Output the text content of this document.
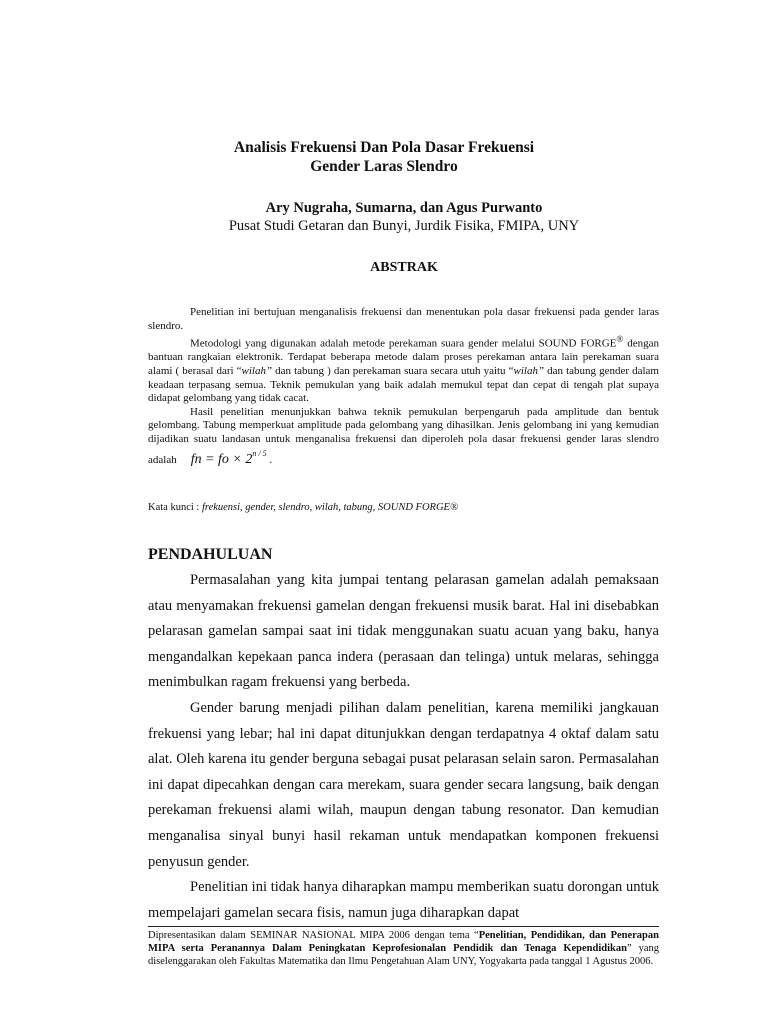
Analisis Frekuensi Dan Pola Dasar Frekuensi
Gender Laras Slendro
Ary Nugraha, Sumarna, dan Agus Purwanto
Pusat Studi Getaran dan Bunyi, Jurdik Fisika, FMIPA, UNY
ABSTRAK

Penelitian ini bertujuan menganalisis frekuensi dan menentukan pola dasar frekuensi pada gender laras slendro.

Metodologi yang digunakan adalah metode perekaman suara gender melalui SOUND FORGE® dengan bantuan rangkaian elektronik. Terdapat beberapa metode dalam proses perekaman antara lain perekaman suara alami ( berasal dari “wilah” dan tabung ) dan perekaman suara secara utuh yaitu “wilah” dan tabung gender dalam keadaan terpasang semua. Teknik pemukulan yang baik adalah memukul tepat dan cepat di tengah plat supaya didapat gelombang yang tidak cacat.

Hasil penelitian menunjukkan bahwa teknik pemukulan berpengaruh pada amplitude dan bentuk gelombang. Tabung memperkuat amplitude pada gelombang yang dihasilkan. Jenis gelombang ini yang kemudian dijadikan suatu landasan untuk menganalisa frekuensi dan diperoleh pola dasar frekuensi gender laras slendro adalah fn = fo × $2^{n / 5}$ .

Kata kunci : frekuensi, gender, slendro, wilah, tabung, SOUND FORGE®
PENDAHULUAN

Permasalahan yang kita jumpai tentang pelarasan gamelan adalah pemaksaan atau menyamakan frekuensi gamelan dengan frekuensi musik barat. Hal ini disebabkan pelarasan gamelan sampai saat ini tidak menggunakan suatu acuan yang baku, hanya mengandalkan kepekaan panca indera (perasaan dan telinga) untuk melaras, sehingga menimbulkan ragam frekuensi yang berbeda.

Gender barung menjadi pilihan dalam penelitian, karena memiliki jangkauan frekuensi yang lebar; hal ini dapat ditunjukkan dengan terdapatnya 4 oktaf dalam satu alat. Oleh karena itu gender berguna sebagai pusat pelarasan selain saron. Permasalahan ini dapat dipecahkan dengan cara merekam, suara gender secara langsung, baik dengan perekaman frekuensi alami wilah, maupun dengan tabung resonator. Dan kemudian menganalisa sinyal bunyi hasil rekaman untuk mendapatkan komponen frekuensi penyusun gender.

Penelitian ini tidak hanya diharapkan mampu memberikan suatu dorongan untuk mempelajari gamelan secara fisis, namun juga diharapkan dapat

Dipresentasikan dalam SEMINAR NASIONAL MIPA 2006 dengan tema “Penelitian, Pendidikan, dan Penerapan MIPA serta Peranannya Dalam Peningkatan Keprofesionalan Pendidik dan Tenaga Kependidikan” yang diselenggarakan oleh Fakultas Matematika dan Ilmu Pengetahuan Alam UNY, Yogyakarta pada tanggal 1 Agustus 2006.
